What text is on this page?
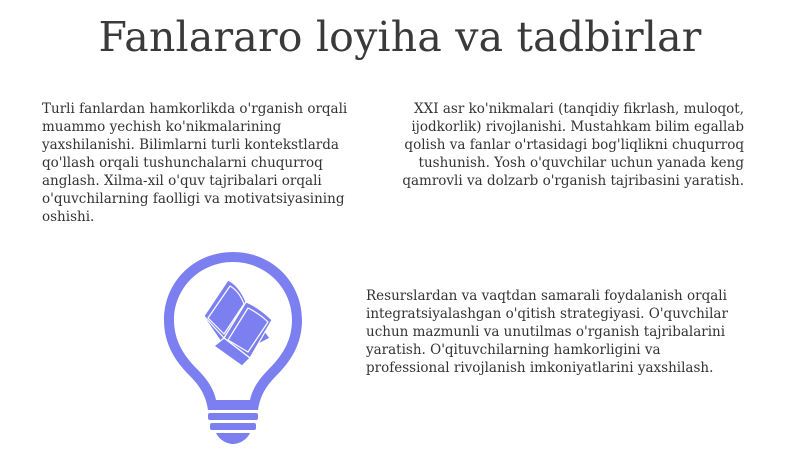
Fanlararo loyiha va tadbirlar

Turli fanlardan hamkorlikda o'rganish orqali muammo yechish ko'nikmalarining yaxshilanishi. Bilimlarni turli kontekstlarda qo'llash orqali tushunchalarni chuqurroq anglash. Xilma-xil o'quv tajribalari orqali o'quvchilarning faolligi va motivatsiyasining oshishi.

XXI asr ko'nikmalari (tanqidiy fikrlash, muloqot, ijodkorlik) rivojlanishi. Mustahkam bilim egallab qolish va fanlar o'rtasidagi bog'liqlikni chuqurroq tushunish. Yosh o'quvchilar uchun yanada keng qamrovli va dolzarb o'rganish tajribasini yaratish.

Resurslardan va vaqtdan samarali foydalanish orqali integratsiyalashgan o'qitish strategiyasi. O'quvchilar uchun mazmunli va unutilmas o'rganish tajribalarini yaratish. O'qituvchilarning hamkorligini va professional rivojlanish imkoniyatlarini yaxshilash.
